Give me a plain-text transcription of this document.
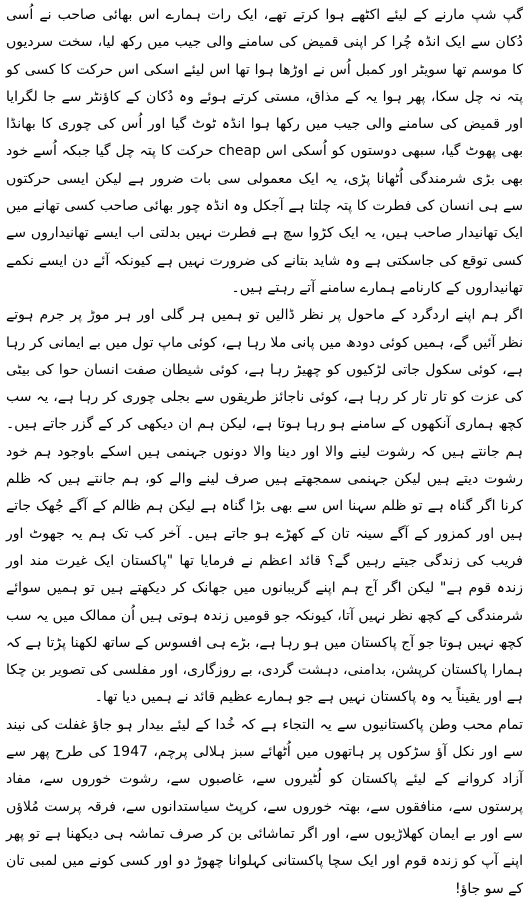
گپ شپ مارنے کے لیئے اکٹھے ہوا کرتے تھے، ایک رات ہمارے اس بھائی صاحب نے اُسی دُکان سے ایک انڈہ چُرا کر اپنی قمیض کی سامنے والی جیب میں رکھ لیا، سخت سردیوں کا موسم تھا سویٹر اور کمبل اُس نے اوڑھا ہوا تھا اس لیئے اسکی اس حرکت کا کسی کو پتہ نہ چل سکا، پھر ہوا یہ کے مذاق، مستی کرتے ہوئے وہ دُکان کے کاؤنٹر سے جا لگرایا اور قمیض کی سامنے والی جیب میں رکھا ہوا انڈہ ٹوٹ گیا اور اُس کی چوری کا بھانڈا بھی پھوٹ گیا، سبھی دوستوں کو اُسکی اس cheap حرکت کا پتہ چل گیا جبکہ اُسے خود بھی بڑی شرمندگی اُٹھانا پڑی، یہ ایک معمولی سی بات ضرور ہے لیکن ایسی حرکتوں سے ہی انسان کی فطرت کا پتہ چلتا ہے آجکل وہ انڈہ چور بھائی صاحب کسی تھانے میں ایک تھانیدار صاحب ہیں، یہ ایک کڑوا سچ ہے فطرت نہیں بدلتی اب ایسے تھانیداروں سے کسی توقع کی جاسکتی ہے وہ شاید بتانے کی ضرورت نہیں ہے کیونکہ آئے دن ایسے نکمے تھانیداروں کے کارنامے ہمارے سامنے آتے رہتے ہیں۔

اگر ہم اپنے اردگرد کے ماحول پر نظر ڈالیں تو ہمیں ہر گلی اور ہر موڑ پر جرم ہوتے نظر آئیں گے، ہمیں کوئی دودھ میں پانی ملا رہا ہے، کوئی ماپ تول میں بے ایمانی کر رہا ہے، کوئی سکول جاتی لڑکیوں کو چھیڑ رہا ہے، کوئی شیطان صفت انسان حوا کی بیٹی کی عزت کو تار تار کر رہا ہے، کوئی ناجائز طریقوں سے بجلی چوری کر رہا ہے، یہ سب کچھ ہماری آنکھوں کے سامنے ہو رہا ہوتا ہے، لیکن ہم ان دیکھی کر کے گزر جاتے ہیں۔ ہم جانتے ہیں کہ رشوت لینے والا اور دینا والا دونوں جہنمی ہیں اسکے باوجود ہم خود رشوت دیتے ہیں لیکن جہنمی سمجھتے ہیں صرف لینے والے کو، ہم جانتے ہیں کہ ظلم کرنا اگر گناہ ہے تو ظلم سہنا اس سے بھی بڑا گناہ ہے لیکن ہم ظالم کے آگے جُھک جاتے ہیں اور کمزور کے آگے سینہ تان کے کھڑے ہو جاتے ہیں۔ آخر کب تک ہم یہ جھوٹ اور فریب کی زندگی جیتے رہیں گے؟ قائد اعظم نے فرمایا تھا "پاکستان ایک غیرت مند اور زندہ قوم ہے" لیکن اگر آج ہم اپنے گریبانوں میں جھانک کر دیکھتے ہیں تو ہمیں سوائے شرمندگی کے کچھ نظر نہیں آتا، کیونکہ جو قومیں زندہ ہوتی ہیں اُن ممالک میں یہ سب کچھ نہیں ہوتا جو آج پاکستان میں ہو رہا ہے، بڑے ہی افسوس کے ساتھ لکھنا پڑتا ہے کہ ہمارا پاکستان کرپشن، بدامنی، دہشت گردی، بے روزگاری، اور مفلسی کی تصویر بن چکا ہے اور یقیناً یہ وہ پاکستان نہیں ہے جو ہمارے عظیم قائد نے ہمیں دیا تھا۔

تمام محب وطن پاکستانیوں سے یہ التجاء ہے کہ خُدا کے لیئے بیدار ہو جاؤ غفلت کی نیند سے اور نکل آؤ سڑکوں پر ہاتھوں میں اُٹھائے سبز ہلالی پرچم، 1947 کی طرح پھر سے آزاد کروانے کے لیئے پاکستان کو لُٹیروں سے، غاصبوں سے، رشوت خوروں سے، مفاد پرستوں سے، منافقوں سے، بھتہ خوروں سے، کرپٹ سیاستدانوں سے، فرقہ پرست مُلاؤں سے اور بے ایمان کھلاڑیوں سے، اور اگر تماشائی بن کر صرف تماشہ ہی دیکھنا ہے تو پھر اپنے آپ کو زندہ قوم اور ایک سچا پاکستانی کہلوانا چھوڑ دو اور کسی کونے میں لمبی تان کے سو جاؤ!
